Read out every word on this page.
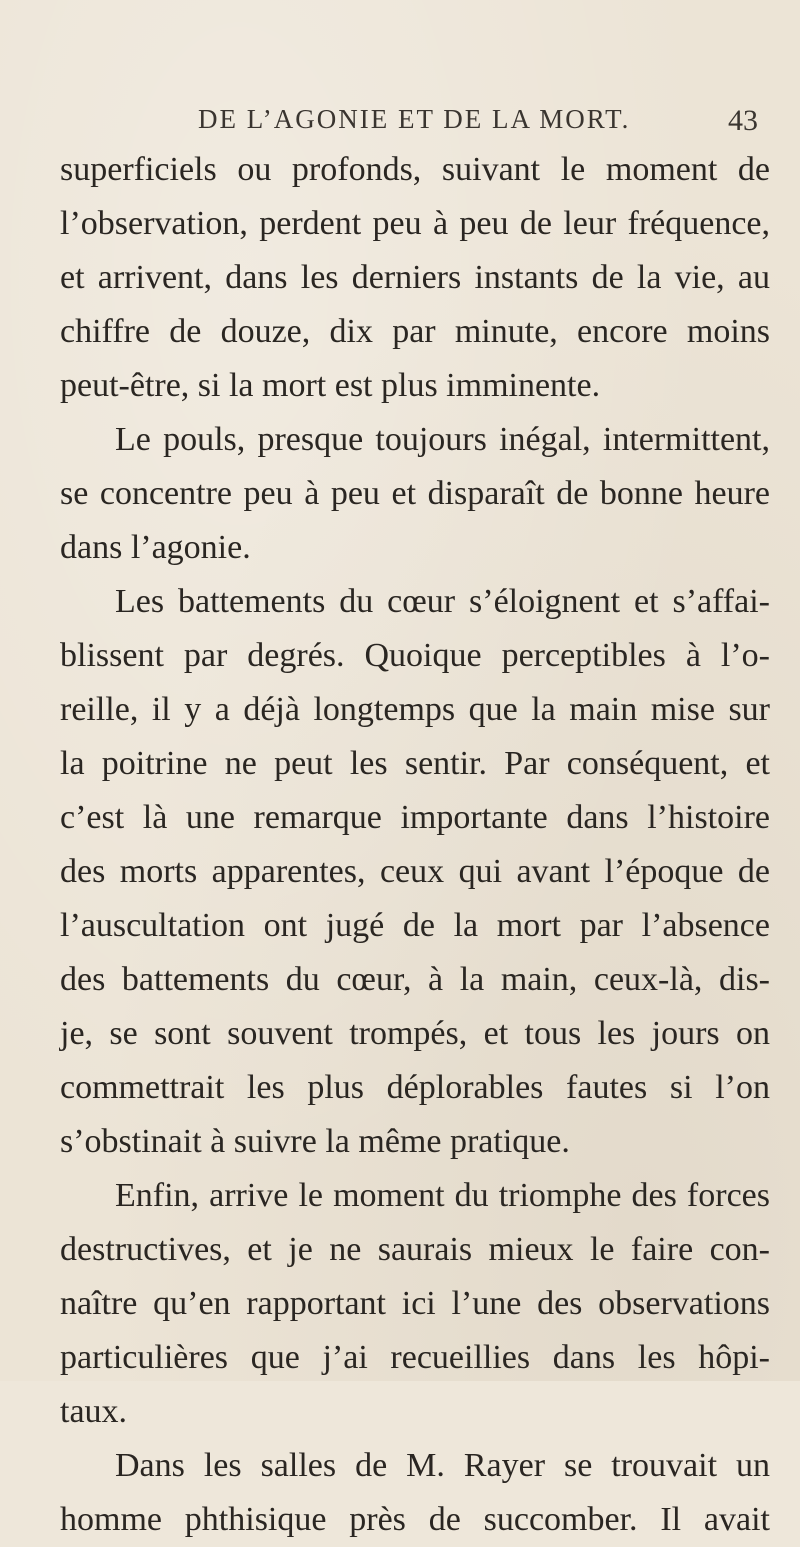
DE L’AGONIE ET DE LA MORT.	43
superficiels ou profonds, suivant le moment de
l’observation, perdent peu à peu de leur fréquence,
et arrivent, dans les derniers instants de la vie, au
chiffre de douze, dix par minute, encore moins
peut-être, si la mort est plus imminente.
Le pouls, presque toujours inégal, intermittent,
se concentre peu à peu et disparaît de bonne heure
dans l’agonie.
Les battements du cœur s’éloignent et s’affai-
blissent par degrés. Quoique perceptibles à l’o-
reille, il y a déjà longtemps que la main mise sur
la poitrine ne peut les sentir. Par conséquent, et
c’est là une remarque importante dans l’histoire
des morts apparentes, ceux qui avant l’époque de
l’auscultation ont jugé de la mort par l’absence
des battements du cœur, à la main, ceux-là, dis-
je, se sont souvent trompés, et tous les jours on
commettrait les plus déplorables fautes si l’on
s’obstinait à suivre la même pratique.
Enfin, arrive le moment du triomphe des forces
destructives, et je ne saurais mieux le faire con-
naître qu’en rapportant ici l’une des observations
particulières que j’ai recueillies dans les hôpi-
taux.
Dans les salles de M. Rayer se trouvait un
homme phthisique près de succomber. Il avait
